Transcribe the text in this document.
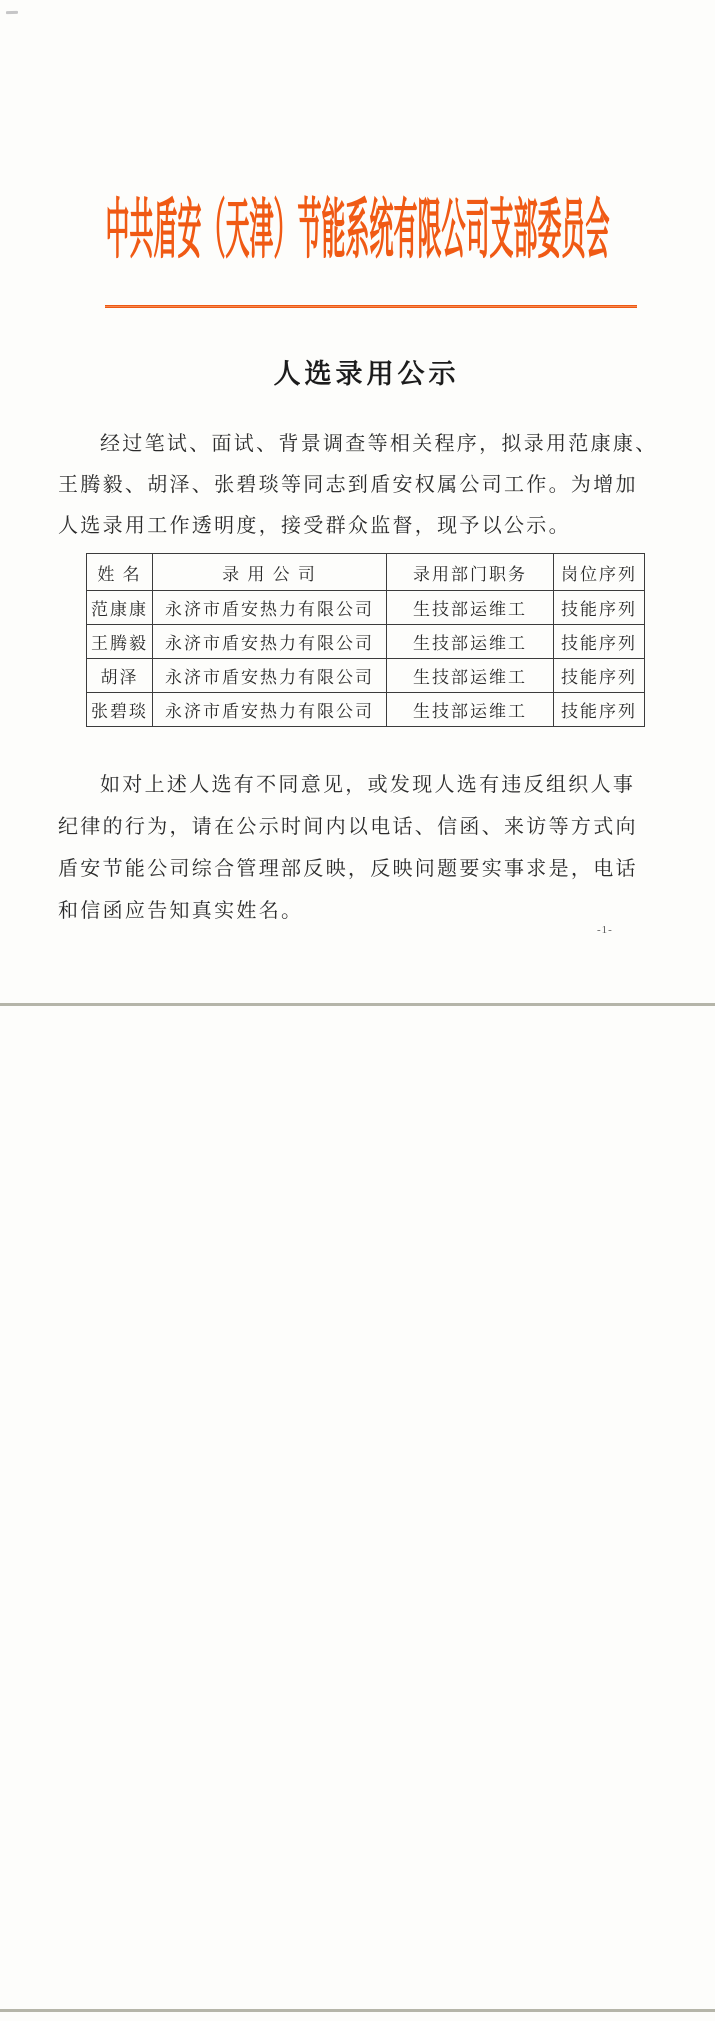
中共盾安（天津）节能系统有限公司支部委员会
人选录用公示
经过笔试、面试、背景调查等相关程序，拟录用范康康、
王腾毅、胡泽、张碧琰等同志到盾安权属公司工作。为增加
人选录用工作透明度，接受群众监督，现予以公示。
姓 名	录 用 公 司	录用部门职务	岗位序列
范康康	永济市盾安热力有限公司	生技部运维工	技能序列
王腾毅	永济市盾安热力有限公司	生技部运维工	技能序列
胡泽	永济市盾安热力有限公司	生技部运维工	技能序列
张碧琰	永济市盾安热力有限公司	生技部运维工	技能序列
如对上述人选有不同意见，或发现人选有违反组织人事
纪律的行为，请在公示时间内以电话、信函、来访等方式向
盾安节能公司综合管理部反映，反映问题要实事求是，电话
和信函应告知真实姓名。
-1-
